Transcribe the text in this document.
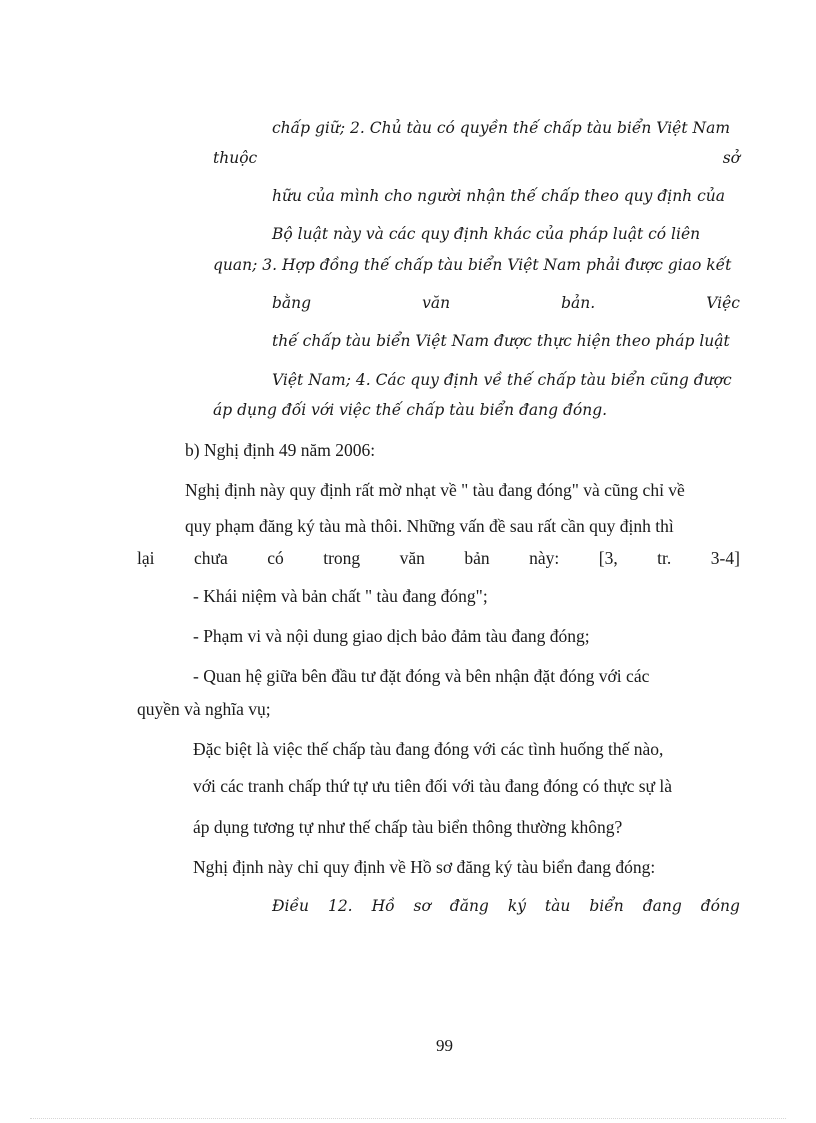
chấp giữ; 2. Chủ tàu có quyền thế chấp tàu biển Việt Nam
thuộc	sở
hữu của mình cho người nhận thế chấp theo quy định của
Bộ luật này và các quy định khác của pháp luật có liên
quan; 3. Hợp đồng thế chấp tàu biển Việt Nam phải được giao kết
bằng	văn	bản.	Việc
thế chấp tàu biển Việt Nam được thực hiện theo pháp luật
Việt Nam; 4. Các quy định về thế chấp tàu biển cũng được
áp dụng đối với việc thế chấp tàu biển đang đóng.
b) Nghị định 49 năm 2006:
Nghị định này quy định rất mờ nhạt về " tàu đang đóng" và cũng chỉ về
quy phạm đăng ký tàu mà thôi. Những vấn đề sau rất cần quy định thì
lại chưa có trong văn bản này: [3, tr. 3-4]
- Khái niệm và bản chất " tàu đang đóng";
- Phạm vi và nội dung giao dịch bảo đảm tàu đang đóng;
- Quan hệ giữa bên đầu tư đặt đóng và bên nhận đặt đóng với các
quyền và nghĩa vụ;
Đặc biệt là việc thế chấp tàu đang đóng với các tình huống thế nào,
với các tranh chấp thứ tự ưu tiên đối với tàu đang đóng có thực sự là
áp dụng tương tự như thế chấp tàu biển thông thường không?
Nghị định này chỉ quy định về Hồ sơ đăng ký tàu biển đang đóng:
Điều 12. Hồ sơ đăng ký tàu biển đang đóng
99
